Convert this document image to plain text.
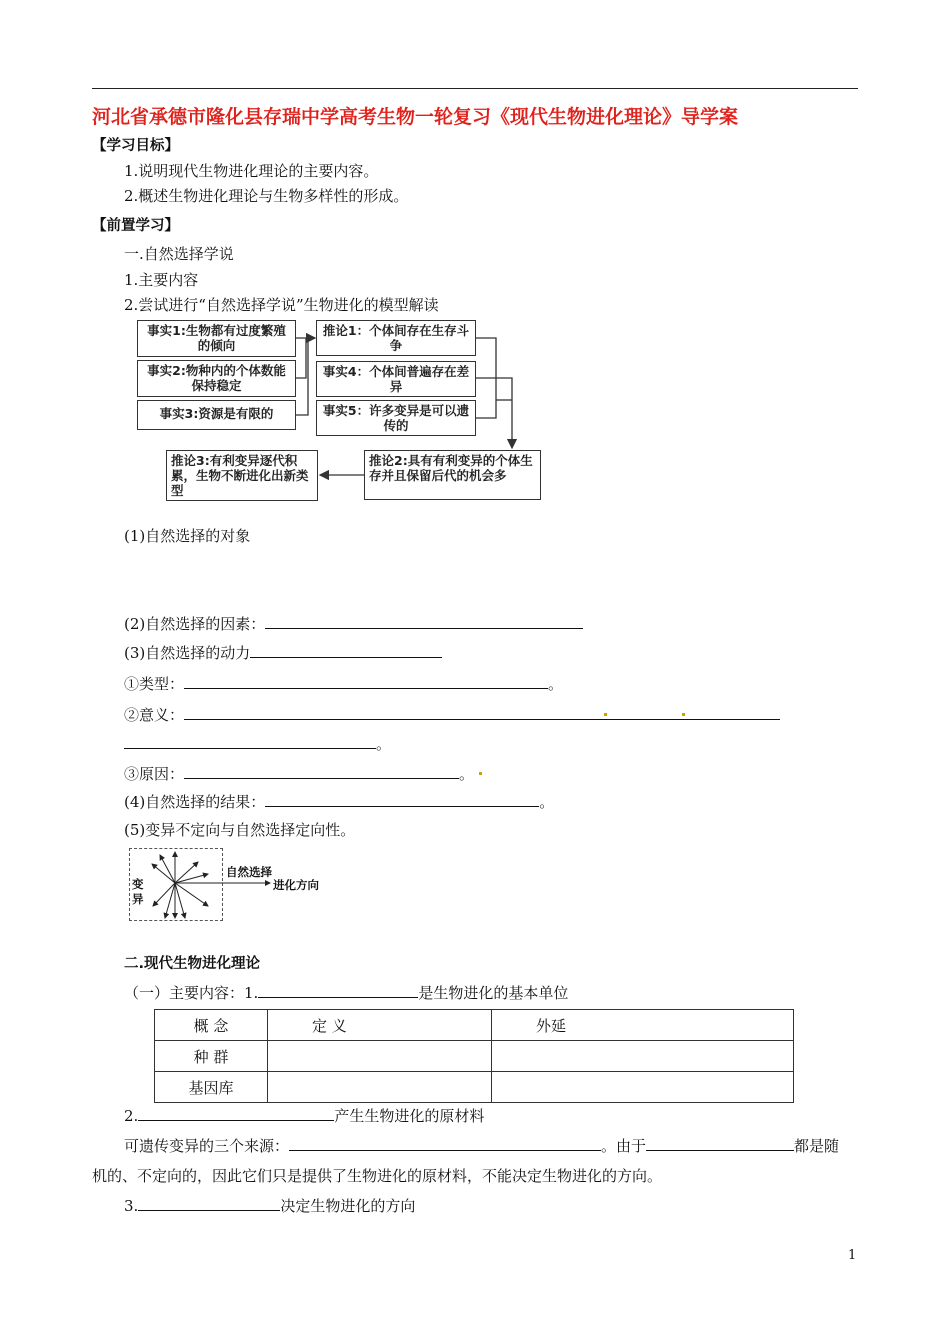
河北省承德市隆化县存瑞中学高考生物一轮复习《现代生物进化理论》导学案
【学习目标】
1.说明现代生物进化理论的主要内容。
2.概述生物进化理论与生物多样性的形成。
【前置学习】
一.自然选择学说
1.主要内容
2.尝试进行“自然选择学说”生物进化的模型解读
事实1:生物都有过度繁殖的倾向
事实2:物种内的个体数能保持稳定
事实3:资源是有限的
推论1：个体间存在生存斗争
事实4：个体间普遍存在差异
事实5：许多变异是可以遗传的
推论2:具有有利变异的个体生存并且保留后代的机会多
推论3:有利变异逐代积累，生物不断进化出新类型
(1)自然选择的对象
(2)自然选择的因素：
(3)自然选择的动力
①类型：	。
②意义：
。
③原因：	。
(4)自然选择的结果：	。
(5)变异不定向与自然选择定向性。
自然选择
进化方向
变
异
二.现代生物进化理论
（一）主要内容：1.	是生物进化的基本单位
概 念	定 义	外延
种 群		
基因库		
2.	产生生物进化的原材料
可遗传变异的三个来源：	。由于	都是随
机的、不定向的，因此它们只是提供了生物进化的原材料，不能决定生物进化的方向。
3.	决定生物进化的方向
1
